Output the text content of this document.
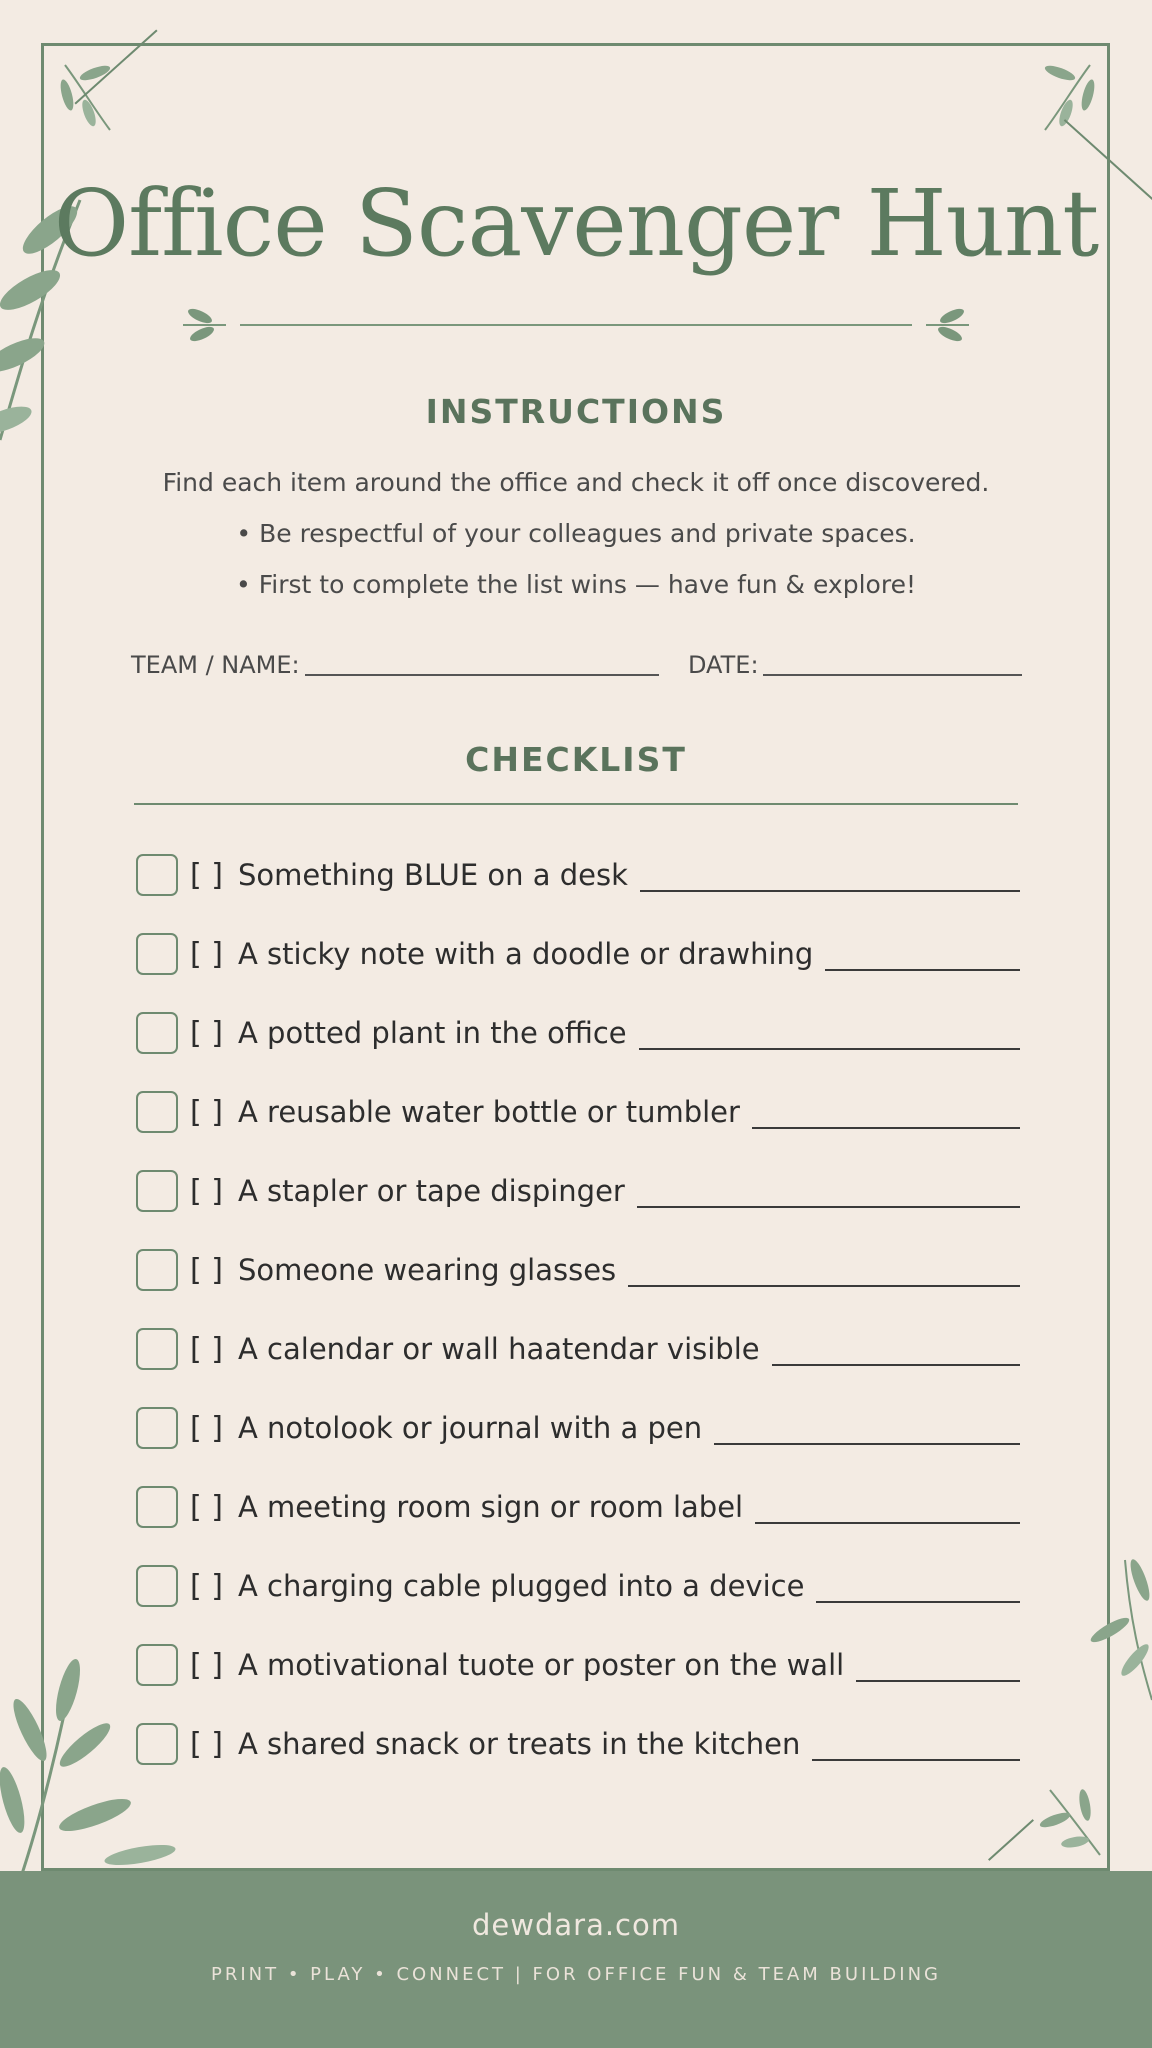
Office Scavenger Hunt
INSTRUCTIONS
Find each item around the office and check it off once discovered.
• Be respectful of your colleagues and private spaces.
• First to complete the list wins — have fun & explore!
TEAM / NAME:	DATE:
CHECKLIST
[ ] Something BLUE on a desk
[ ] A sticky note with a doodle or drawhing
[ ] A potted plant in the office
[ ] A reusable water bottle or tumbler
[ ] A stapler or tape dispinger
[ ] Someone wearing glasses
[ ] A calendar or wall haatendar visible
[ ] A notolook or journal with a pen
[ ] A meeting room sign or room label
[ ] A charging cable plugged into a device
[ ] A motivational tuote or poster on the wall
[ ] A shared snack or treats in the kitchen
dewdara.com
PRINT • PLAY • CONNECT | FOR OFFICE FUN & TEAM BUILDING
